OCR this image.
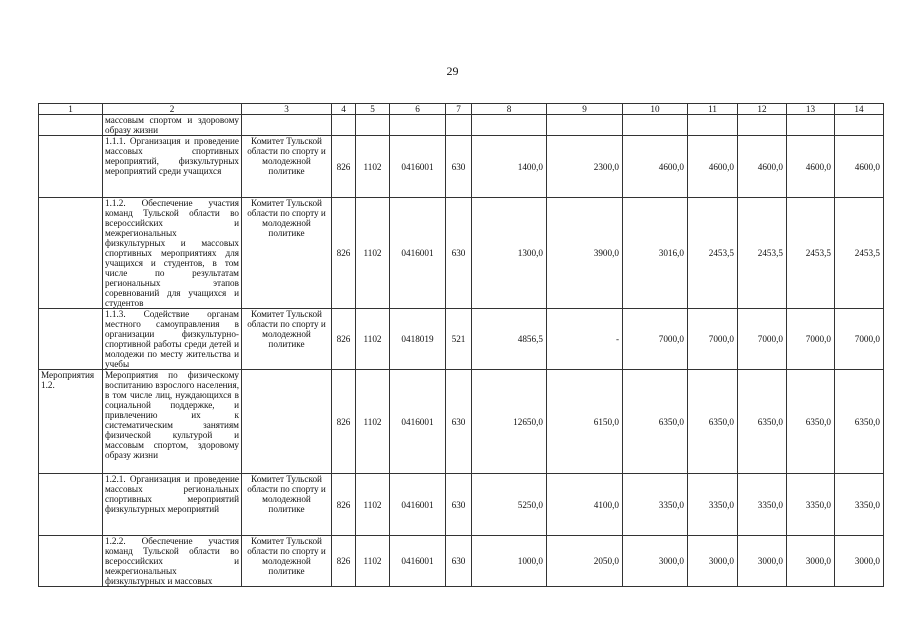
29
1	2	3	4	5	6	7	8	9	10	11	12	13	14
	массовым спортом и здоровому образу жизни												
	1.1.1. Организация и проведение массовых спортивных мероприятий, физкультурных мероприятий среди учащихся	Комитет Тульской области по спорту и молодежной политике	826	1102	0416001	630	1400,0	2300,0	4600,0	4600,0	4600,0	4600,0	4600,0
	1.1.2. Обеспечение участия команд Тульской области во всероссийских и межрегиональных физкультурных и массовых спортивных мероприятиях для учащихся и студентов, в том числе по результатам региональных этапов соревнований для учащихся и студентов	Комитет Тульской области по спорту и молодежной политике	826	1102	0416001	630	1300,0	3900,0	3016,0	2453,5	2453,5	2453,5	2453,5
	1.1.3. Содействие органам местного самоуправления в организации физкультурно-спортивной работы среди детей и молодежи по месту жительства и учебы	Комитет Тульской области по спорту и молодежной политике	826	1102	0418019	521	4856,5	-	7000,0	7000,0	7000,0	7000,0	7000,0
Мероприятия 1.2.	Мероприятия по физическому воспитанию взрослого населения, в том числе лиц, нуждающихся в социальной поддержке, и привлечению их к систематическим занятиям физической культурой и массовым спортом, здоровому образу жизни		826	1102	0416001	630	12650,0	6150,0	6350,0	6350,0	6350,0	6350,0	6350,0
	1.2.1. Организация и проведение массовых региональных спортивных мероприятий физкультурных мероприятий	Комитет Тульской области по спорту и молодежной политике	826	1102	0416001	630	5250,0	4100,0	3350,0	3350,0	3350,0	3350,0	3350,0
	1.2.2. Обеспечение участия команд Тульской области во всероссийских и межрегиональных физкультурных и массовых	Комитет Тульской области по спорту и молодежной политике	826	1102	0416001	630	1000,0	2050,0	3000,0	3000,0	3000,0	3000,0	3000,0
